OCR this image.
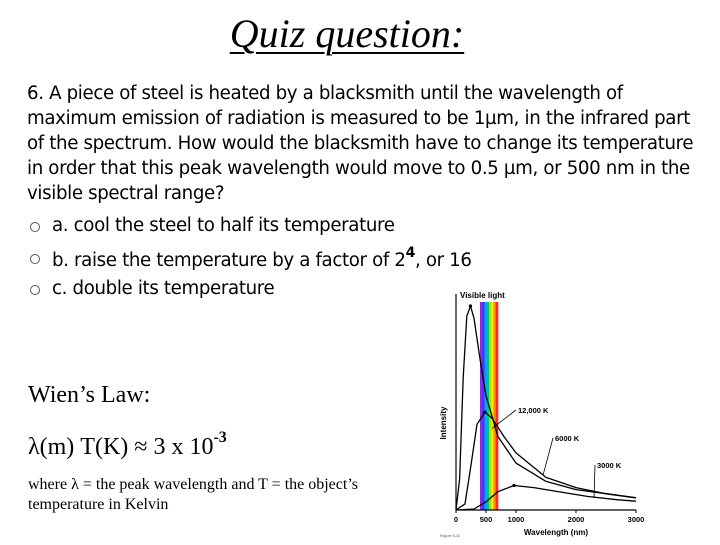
Quiz question:

6. A piece of steel is heated by a blacksmith until the wavelength of maximum emission of radiation is measured to be 1µm, in the infrared part of the spectrum. How would the blacksmith have to change its temperature in order that this peak wavelength would move to 0.5 µm, or 500 nm in the visible spectral range?

a. cool the steel to half its temperature
b. raise the temperature by a factor of $2^4$, or 16
c. double its temperature
Wien’s Law:
λ(m) T(K) ≈ 3 x $10^{-3}$
where λ = the peak wavelength and T = the object’s temperature in Kelvin
0	500 1000	2000	3000
12,000 K
6000 K
3000 K
Visible light
Wavelength (nm)
Intensity
Figure 5-11
